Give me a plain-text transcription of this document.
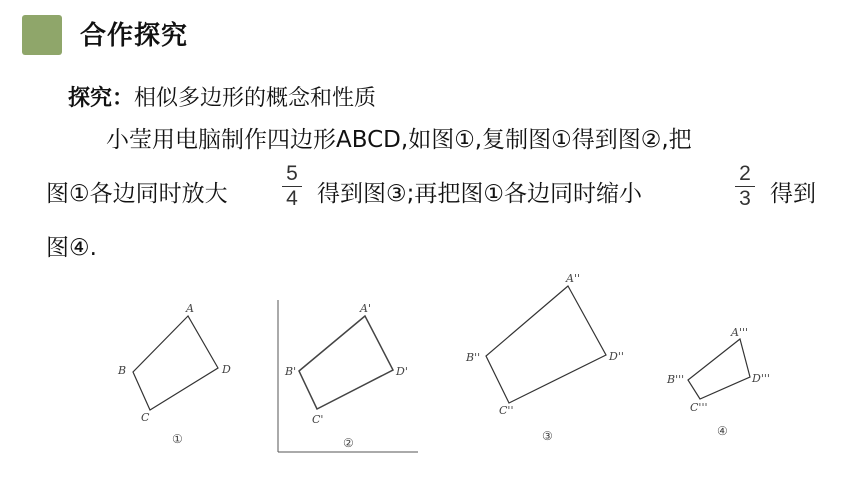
合作探究
探究：相似多边形的概念和性质
小莹用电脑制作四边形ABCD,如图①,复制图①得到图②,把
图①各边同时放大
5
4 得到图③;再把图①各边同时缩小
2
3 得到
图④.
A
B
C
D
①
A'
B'
C'
D'
②
A''
B''
C''
D''
③
A'''
B'''
C'''
D'''
④
